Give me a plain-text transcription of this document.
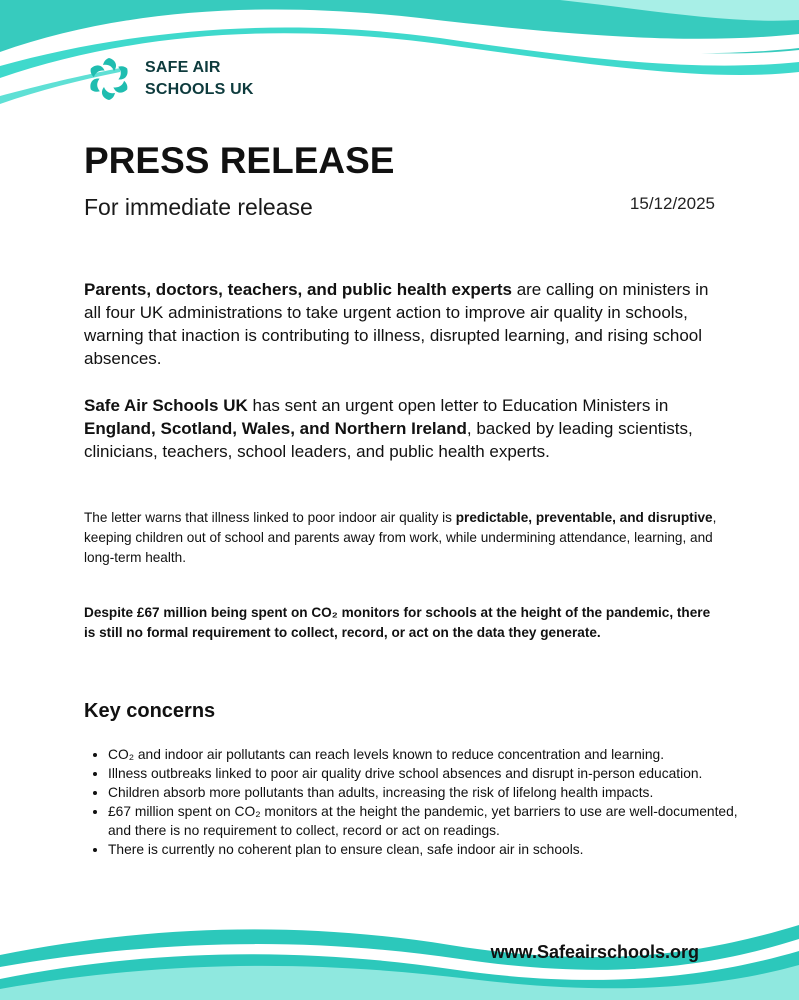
SAFE AIR
SCHOOLS UK
PRESS RELEASE

For immediate release	15/12/2025

Parents, doctors, teachers, and public health experts are calling on ministers in all four UK administrations to take urgent action to improve air quality in schools, warning that inaction is contributing to illness, disrupted learning, and rising school absences.

Safe Air Schools UK has sent an urgent open letter to Education Ministers in England, Scotland, Wales, and Northern Ireland, backed by leading scientists, clinicians, teachers, school leaders, and public health experts.

The letter warns that illness linked to poor indoor air quality is predictable, preventable, and disruptive, keeping children out of school and parents away from work, while undermining attendance, learning, and long-term health.

Despite £67 million being spent on CO₂ monitors for schools at the height of the pandemic, there is still no formal requirement to collect, record, or act on the data they generate.

Key concerns
• CO₂ and indoor air pollutants can reach levels known to reduce concentration and learning.
• Illness outbreaks linked to poor air quality drive school absences and disrupt in-person education.
• Children absorb more pollutants than adults, increasing the risk of lifelong health impacts.
• £67 million spent on CO₂ monitors at the height the pandemic, yet barriers to use are well-documented, and there is no requirement to collect, record or act on readings.
• There is currently no coherent plan to ensure clean, safe indoor air in schools.

www.Safeairschools.org
